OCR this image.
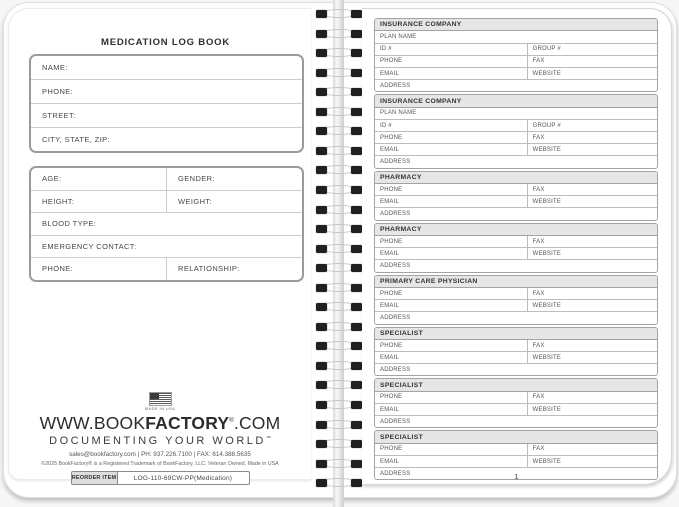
MEDICATION LOG BOOK
NAME:
PHONE:
STREET:
CITY, STATE, ZIP:
AGE:	GENDER:
HEIGHT:	WEIGHT:
BLOOD TYPE:
EMERGENCY CONTACT:
PHONE:	RELATIONSHIP:
MADE IN USA
WWW.BOOKFACTORY®.COM
DOCUMENTING YOUR WORLD™
sales@bookfactory.com | PH: 937.226.7100 | FAX: 614.388.5635
©2025 BookFactory® is a Registered Trademark of BookFactory, LLC. Veteran Owned, Made in USA
REORDER ITEM	LOG-110-69CW-PP(Medication)
INSURANCE COMPANY
PLAN NAME
ID #	GROUP #
PHONE	FAX
EMAIL	WEBSITE
ADDRESS
INSURANCE COMPANY
PLAN NAME
ID #	GROUP #
PHONE	FAX
EMAIL	WEBSITE
ADDRESS
PHARMACY
PHONE	FAX
EMAIL	WEBSITE
ADDRESS
PHARMACY
PHONE	FAX
EMAIL	WEBSITE
ADDRESS
PRIMARY CARE PHYSICIAN
PHONE	FAX
EMAIL	WEBSITE
ADDRESS
SPECIALIST
PHONE	FAX
EMAIL	WEBSITE
ADDRESS
SPECIALIST
PHONE	FAX
EMAIL	WEBSITE
ADDRESS
SPECIALIST
PHONE	FAX
EMAIL	WEBSITE
ADDRESS	1
